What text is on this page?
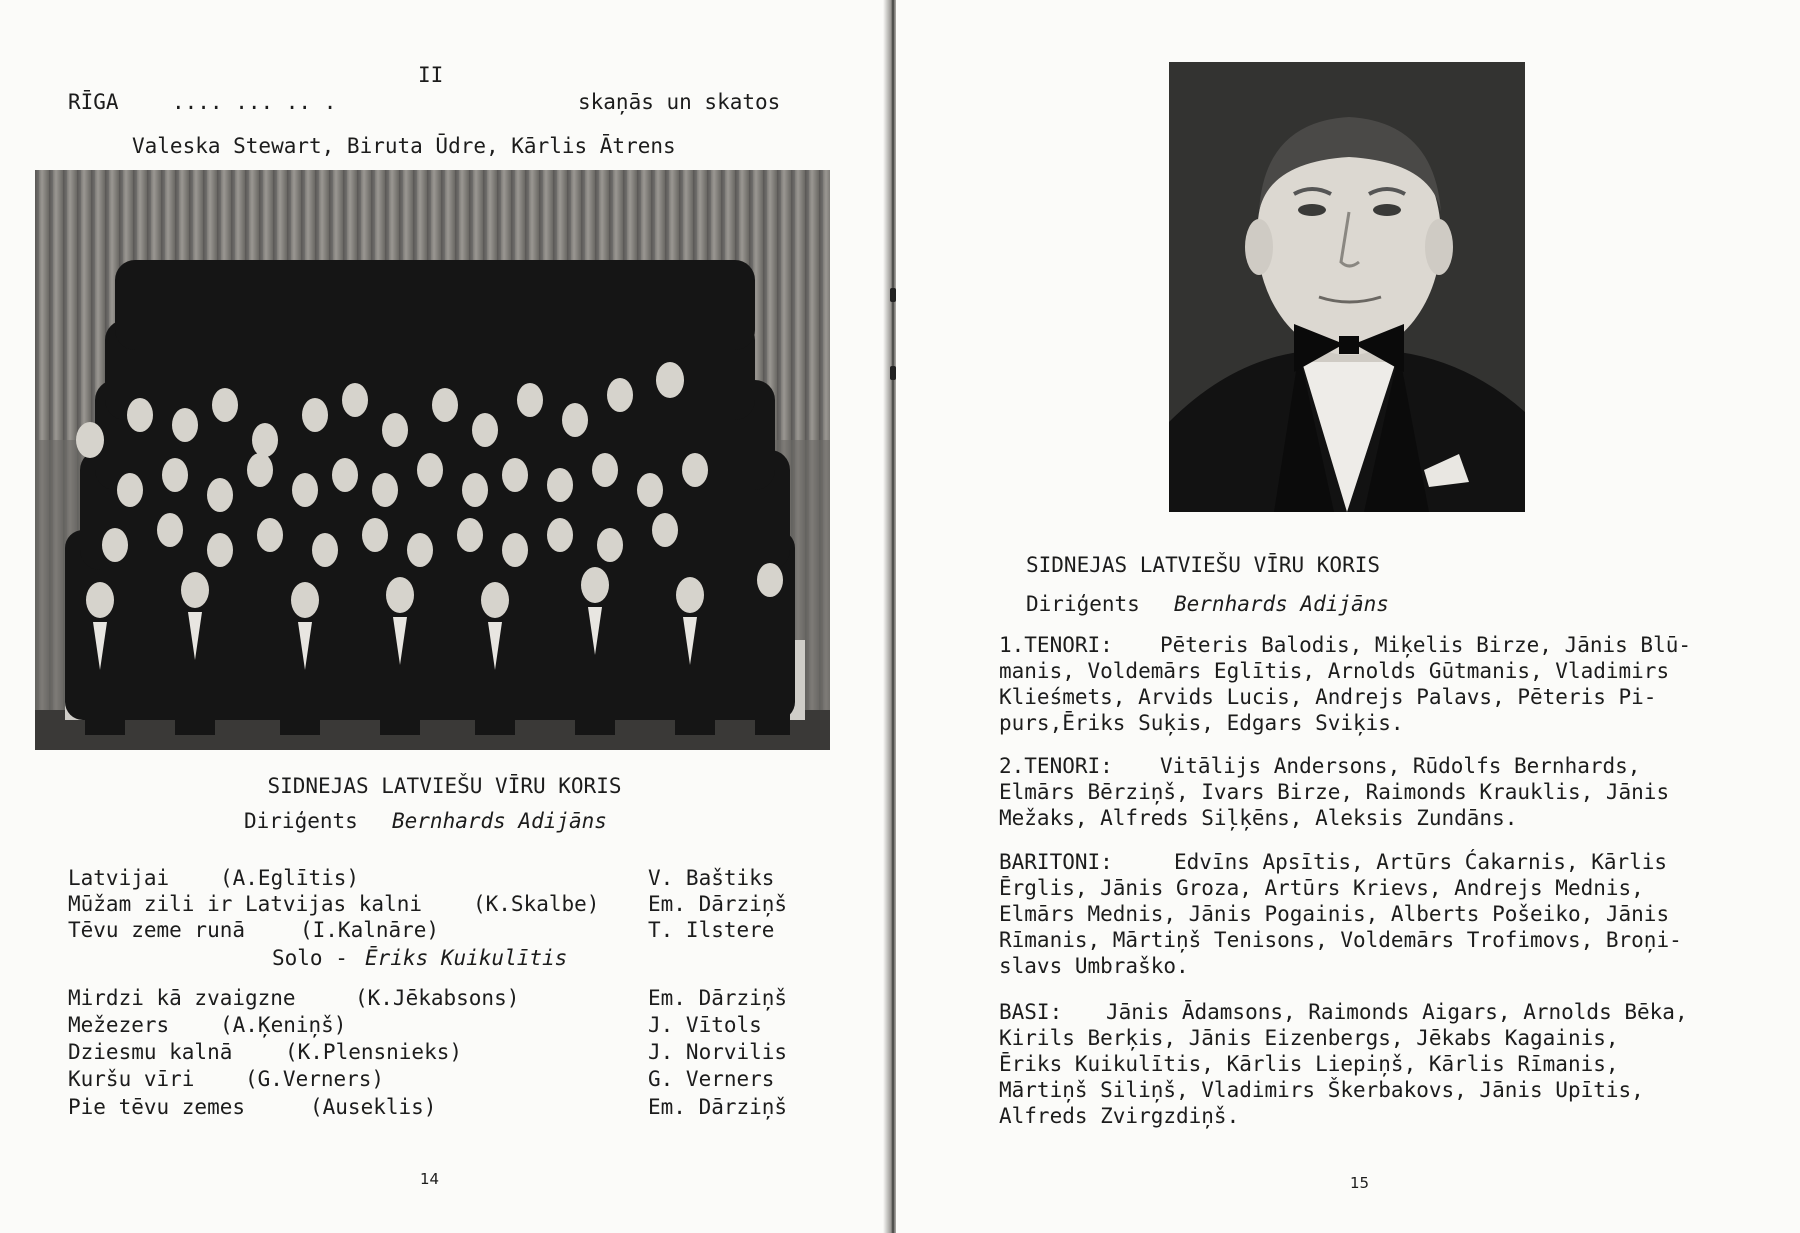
II
RĪGA	.... ... .. .	skaņās un skatos
Valeska Stewart, Biruta Ūdre, Kārlis Ātrens
SIDNEJAS LATVIEŠU VĪRU KORIS
Diriģents Bernhards Adijāns
Latvijai (A.Eglītis)	V. Baštiks
Mūžam zili ir Latvijas kalni (K.Skalbe) Em. Dārziņš
Tēvu zeme runā	(I.Kalnāre)	T. Ilstere
Solo - Ēriks Kuikulītis
Mirdzi kā zvaigzne	(K.Jēkabsons)	Em. Dārziņš
Mežezers (A.Ķeniņš)	J. Vītols
Dziesmu kalnā	(K.Plensnieks)	J. Norvilis
Kuršu vīri (G.Verners)	G. Verners
Pie tēvu zemes	(Auseklis)	Em. Dārziņš
14
SIDNEJAS LATVIEŠU VĪRU KORIS
Diriģents Bernhards Adijāns
1.TENORI: Pēteris Balodis, Miķelis Birze, Jānis Blū-
manis, Voldemārs Eglītis, Arnolds Gūtmanis, Vladimirs
Klieśmets, Arvids Lucis, Andrejs Palavs, Pēteris Pi-
purs,Ēriks Suķis, Edgars Sviķis.
2.TENORI: Vitālijs Andersons, Rūdolfs Bernhards,
Elmārs Bērziņš, Ivars Birze, Raimonds Krauklis, Jānis
Mežaks, Alfreds Siļķēns, Aleksis Zundāns.
BARITONI:	Edvīns Apsītis, Artūrs Ćakarnis, Kārlis
Ērglis, Jānis Groza, Artūrs Krievs, Andrejs Mednis,
Elmārs Mednis, Jānis Pogainis, Alberts Pošeiko, Jānis
Rīmanis, Mārtiņš Tenisons, Voldemārs Trofimovs, Broņi-
slavs Umbraško.
BASI: Jānis Ādamsons, Raimonds Aigars, Arnolds Bēka,
Kirils Berķis, Jānis Eizenbergs, Jēkabs Kagainis,
Ēriks Kuikulītis, Kārlis Liepiņš, Kārlis Rīmanis,
Mārtiņš Siliņš, Vladimirs Škerbakovs, Jānis Upītis,
Alfreds Zvirgzdiņš.
15
